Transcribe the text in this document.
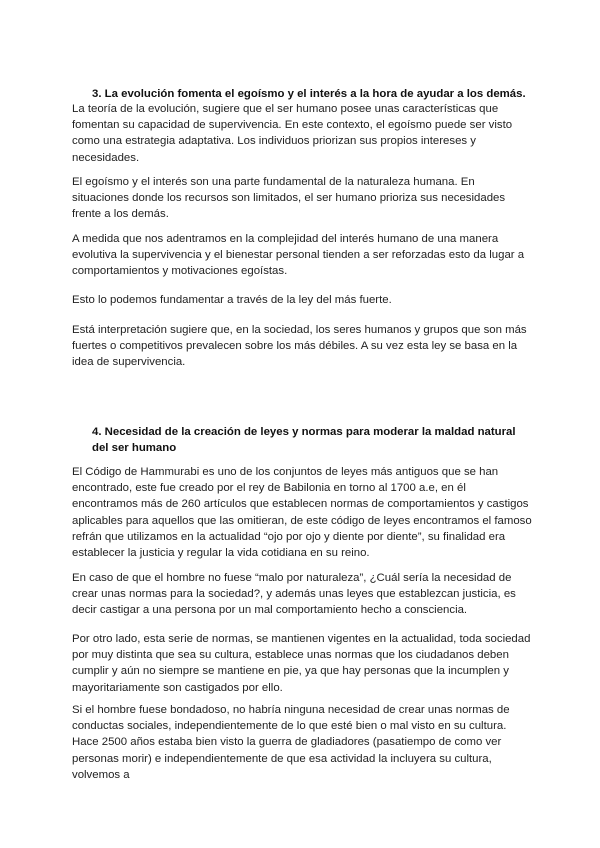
3. La evolución fomenta el egoísmo y el interés a la hora de ayudar a los demás.

La teoría de la evolución, sugiere que el ser humano posee unas características que fomentan su capacidad de supervivencia. En este contexto, el egoísmo puede ser visto como una estrategia adaptativa. Los individuos priorizan sus propios intereses y necesidades.

El egoísmo y el interés son una parte fundamental de la naturaleza humana. En situaciones donde los recursos son limitados, el ser humano prioriza sus necesidades frente a los demás.

A medida que nos adentramos en la complejidad del interés humano de una manera evolutiva la supervivencia y el bienestar personal tienden a ser reforzadas esto da lugar a comportamientos y motivaciones egoístas.

Esto lo podemos fundamentar a través de la ley del más fuerte.

Está interpretación sugiere que, en la sociedad, los seres humanos y grupos que son más fuertes o competitivos prevalecen sobre los más débiles. A su vez esta ley se basa en la idea de supervivencia.

4. Necesidad de la creación de leyes y normas para moderar la maldad natural del ser humano

El Código de Hammurabi es uno de los conjuntos de leyes más antiguos que se han encontrado, este fue creado por el rey de Babilonia en torno al 1700 a.e, en él encontramos más de 260 artículos que establecen normas de comportamientos y castigos aplicables para aquellos que las omitieran, de este código de leyes encontramos el famoso refrán que utilizamos en la actualidad “ojo por ojo y diente por diente”, su finalidad era establecer la justicia y regular la vida cotidiana en su reino.

En caso de que el hombre no fuese “malo por naturaleza”, ¿Cuál sería la necesidad de crear unas normas para la sociedad?, y además unas leyes que establezcan justicia, es decir castigar a una persona por un mal comportamiento hecho a consciencia.

Por otro lado, esta serie de normas, se mantienen vigentes en la actualidad, toda sociedad por muy distinta que sea su cultura, establece unas normas que los ciudadanos deben cumplir y aún no siempre se mantiene en pie, ya que hay personas que la incumplen y mayoritariamente son castigados por ello.

Si el hombre fuese bondadoso, no habría ninguna necesidad de crear unas normas de conductas sociales, independientemente de lo que esté bien o mal visto en su cultura. Hace 2500 años estaba bien visto la guerra de gladiadores (pasatiempo de como ver personas morir) e independientemente de que esa actividad la incluyera su cultura, volvemos a
